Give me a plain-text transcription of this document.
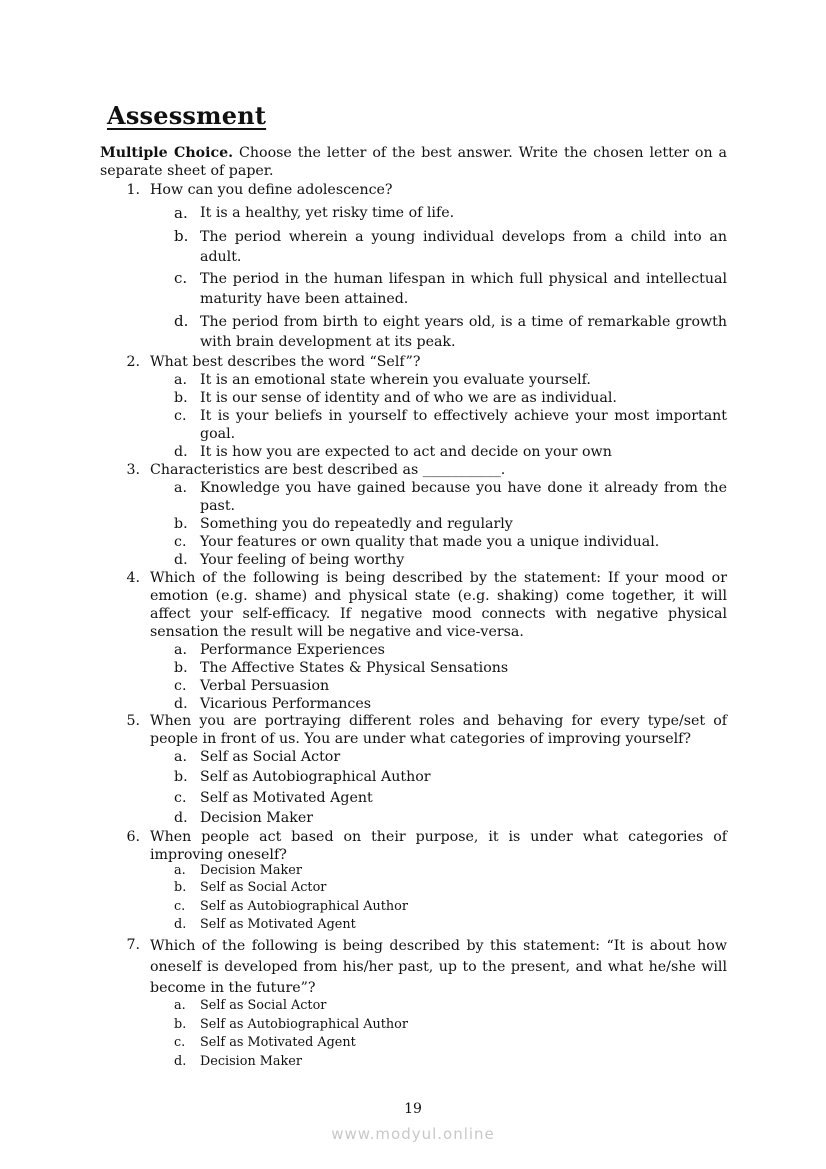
Assessment
Multiple Choice. Choose the letter of the best answer. Write the chosen letter on a separate sheet of paper.
1. How can you define adolescence?
a. It is a healthy, yet risky time of life.
b. The period wherein a young individual develops from a child into an adult.
c. The period in the human lifespan in which full physical and intellectual maturity have been attained.
d. The period from birth to eight years old, is a time of remarkable growth with brain development at its peak.
2. What best describes the word “Self”?
a. It is an emotional state wherein you evaluate yourself.
b. It is our sense of identity and of who we are as individual.
c. It is your beliefs in yourself to effectively achieve your most important goal.
d. It is how you are expected to act and decide on your own
3. Characteristics are best described as ___________.
a. Knowledge you have gained because you have done it already from the past.
b. Something you do repeatedly and regularly
c. Your features or own quality that made you a unique individual.
d. Your feeling of being worthy
4. Which of the following is being described by the statement: If your mood or emotion (e.g. shame) and physical state (e.g. shaking) come together, it will affect your self-efficacy. If negative mood connects with negative physical sensation the result will be negative and vice-versa.
a. Performance Experiences
b. The Affective States & Physical Sensations
c. Verbal Persuasion
d. Vicarious Performances
5. When you are portraying different roles and behaving for every type/set of people in front of us. You are under what categories of improving yourself?
a. Self as Social Actor
b. Self as Autobiographical Author
c. Self as Motivated Agent
d. Decision Maker
6. When people act based on their purpose, it is under what categories of improving oneself?
a.	Decision Maker
b.	Self as Social Actor
c.	Self as Autobiographical Author
d.	Self as Motivated Agent
7. Which of the following is being described by this statement: “It is about how oneself is developed from his/her past, up to the present, and what he/she will become in the future”?
a.	Self as Social Actor
b.	Self as Autobiographical Author
c.	Self as Motivated Agent
d.	Decision Maker
19
www.modyul.online
